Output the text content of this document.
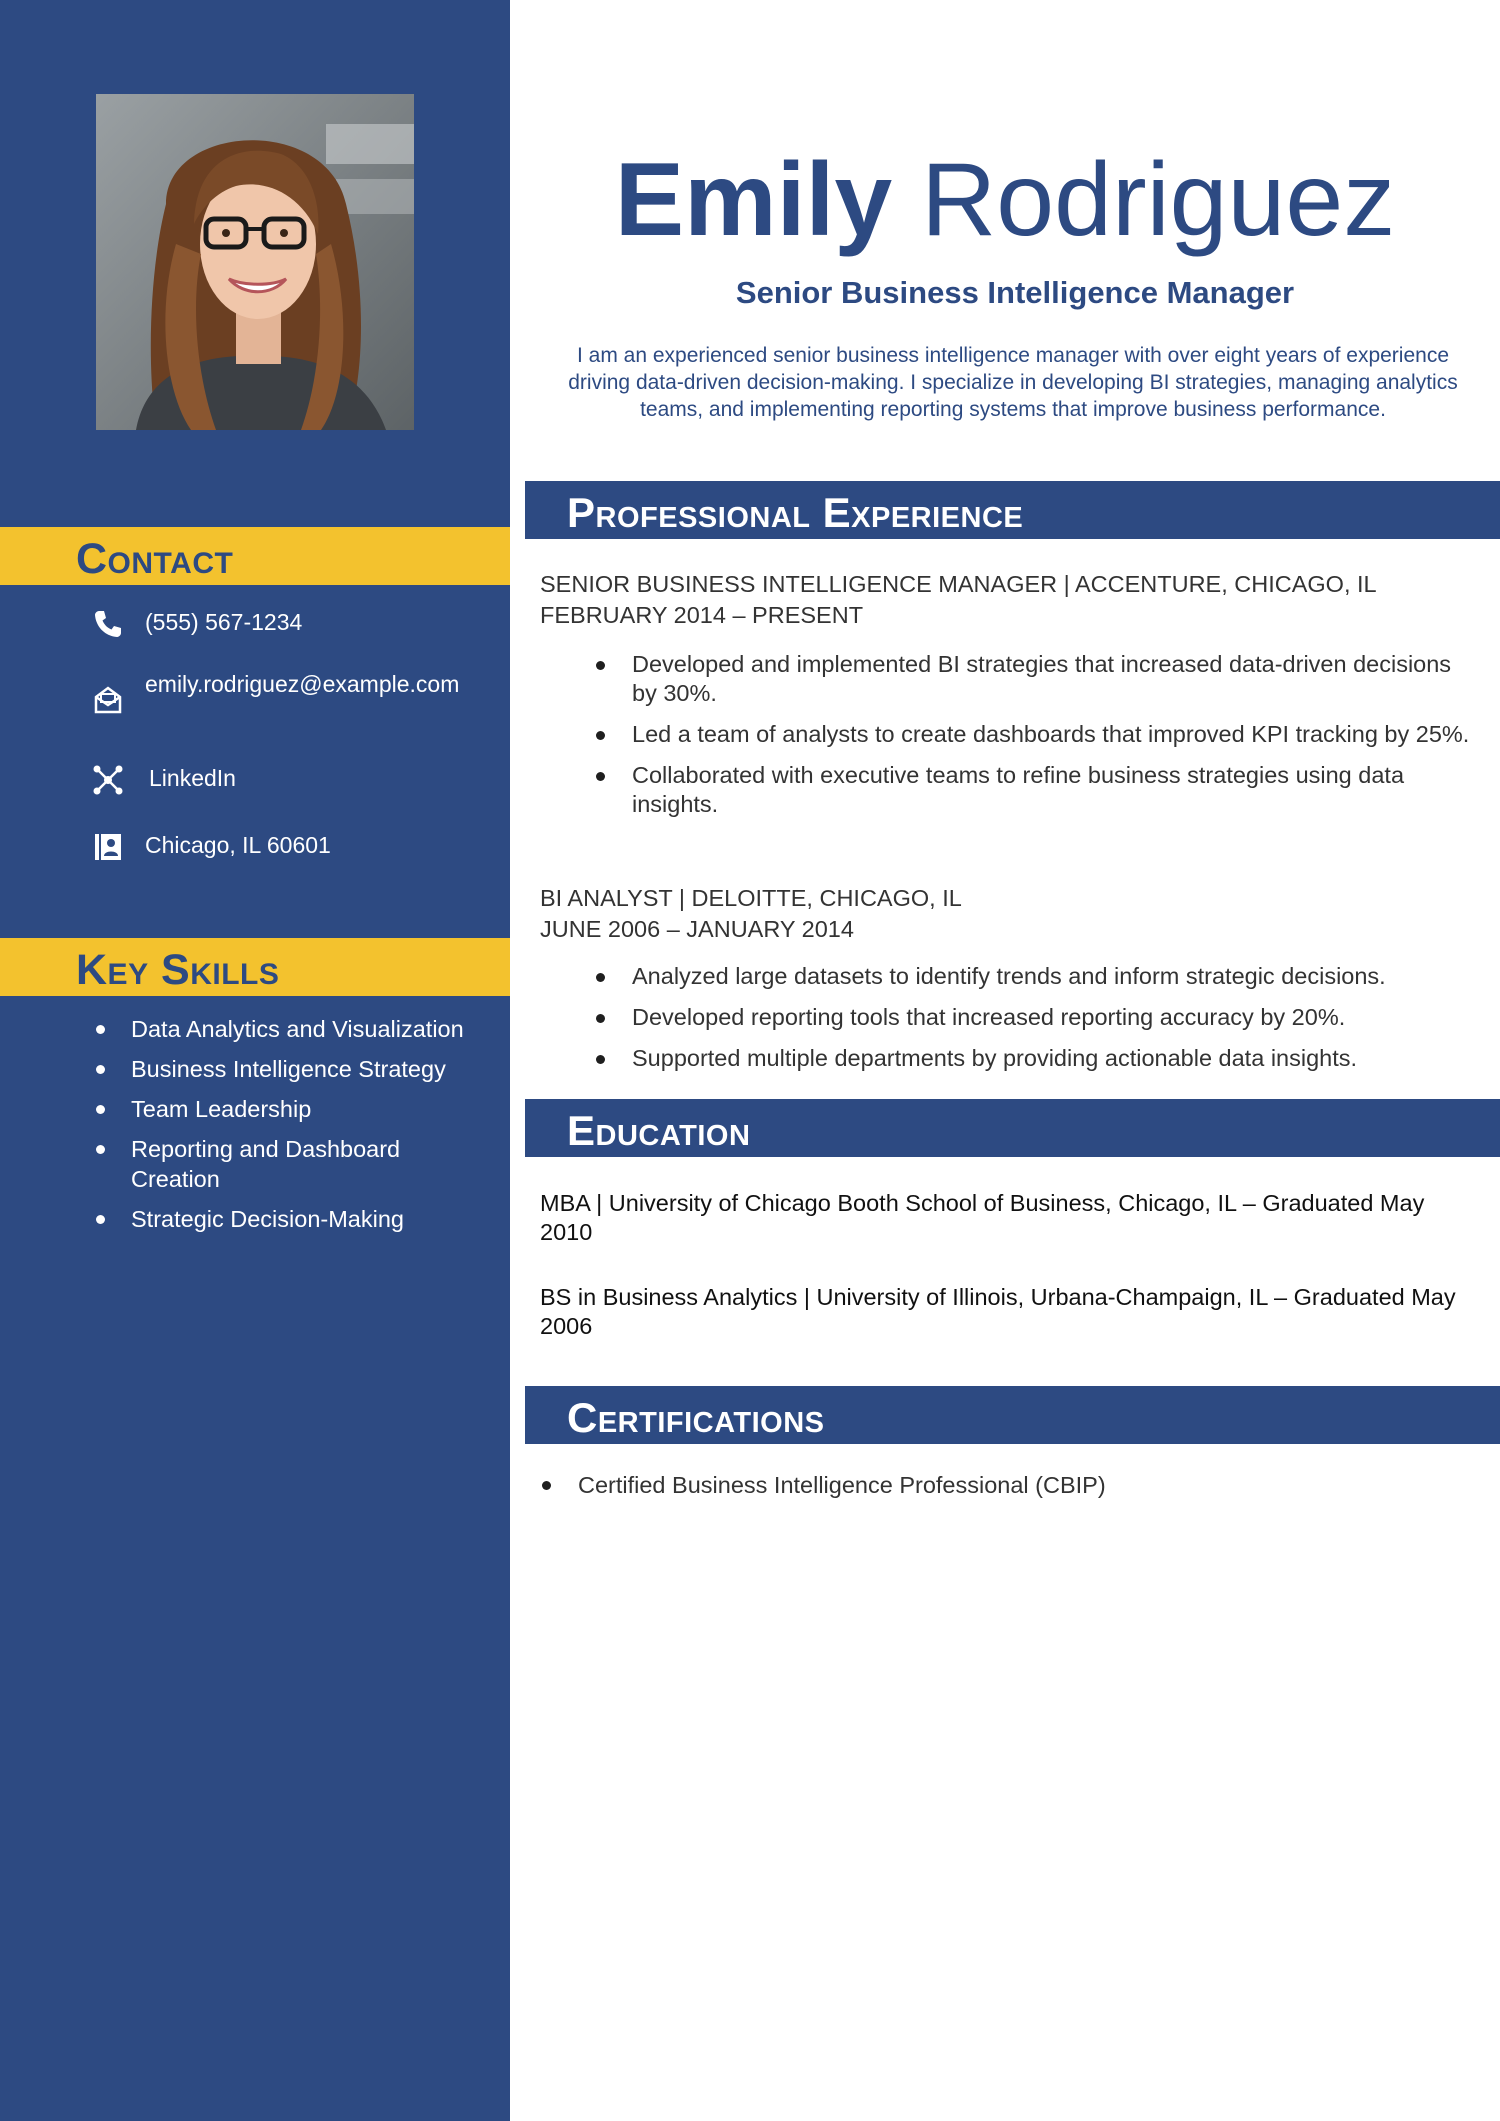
Contact
(555) 567-1234
emily.rodriguez@example.com
LinkedIn
Chicago, IL 60601
Key Skills
Data Analytics and Visualization
Business Intelligence Strategy
Team Leadership
Reporting and Dashboard Creation
Strategic Decision-Making
Emily Rodriguez
Senior Business Intelligence Manager
I am an experienced senior business intelligence manager with over eight years of experience driving data-driven decision-making. I specialize in developing BI strategies, managing analytics teams, and implementing reporting systems that improve business performance.
Professional Experience
SENIOR BUSINESS INTELLIGENCE MANAGER | ACCENTURE, CHICAGO, IL
FEBRUARY 2014 – PRESENT
Developed and implemented BI strategies that increased data-driven decisions by 30%.
Led a team of analysts to create dashboards that improved KPI tracking by 25%.
Collaborated with executive teams to refine business strategies using data insights.
BI ANALYST | DELOITTE, CHICAGO, IL
JUNE 2006 – JANUARY 2014
Analyzed large datasets to identify trends and inform strategic decisions.
Developed reporting tools that increased reporting accuracy by 20%.
Supported multiple departments by providing actionable data insights.
Education
MBA | University of Chicago Booth School of Business, Chicago, IL – Graduated May 2010
BS in Business Analytics | University of Illinois, Urbana-Champaign, IL – Graduated May 2006
Certifications
Certified Business Intelligence Professional (CBIP)
